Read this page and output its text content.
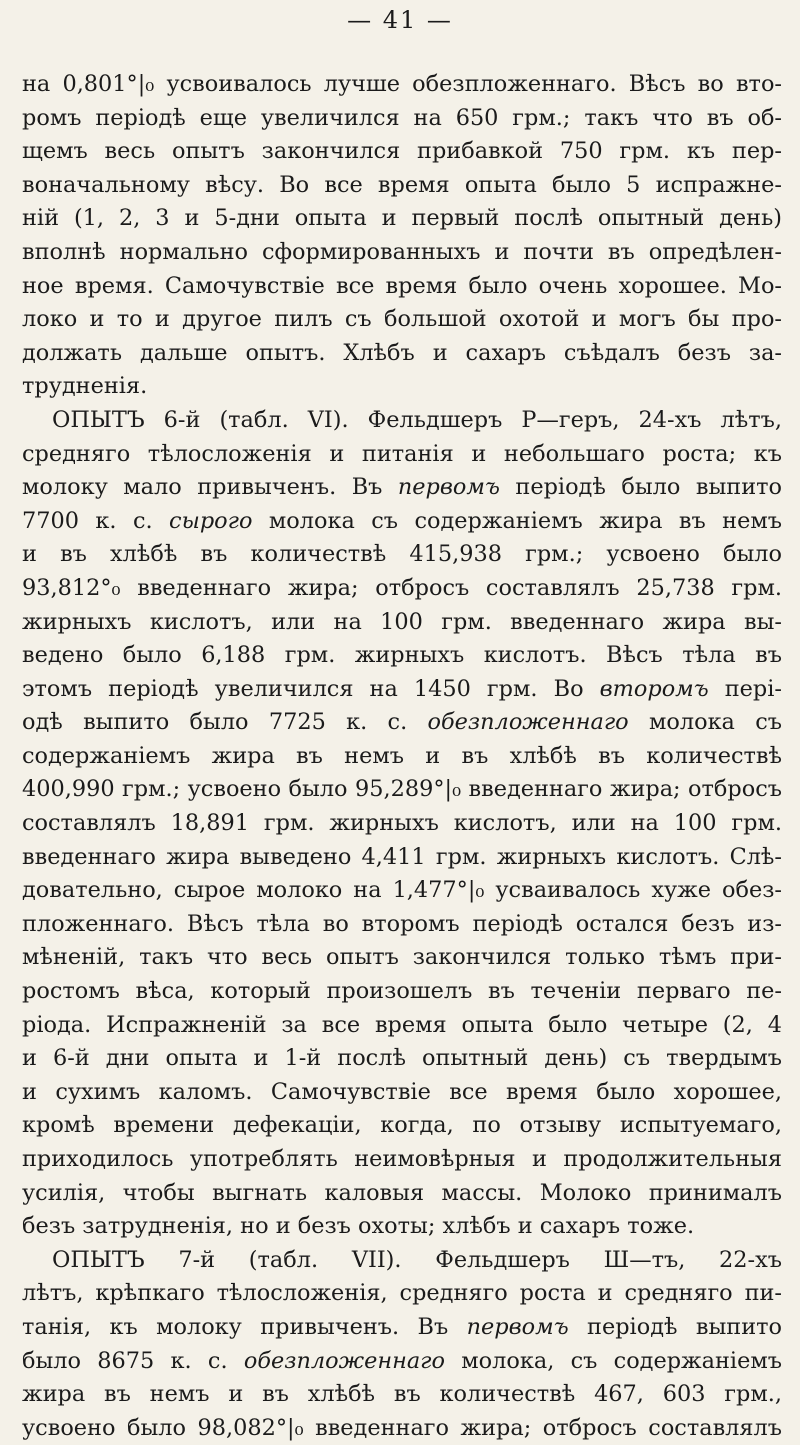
— 41 —
на 0,801°|₀ усвоивалось лучше обезпложеннаго. Вѣсъ во вто-
ромъ періодѣ еще увеличился на 650 грм.; такъ что въ об-
щемъ весь опытъ закончился прибавкой 750 грм. къ пер-
воначальному вѣсу. Во все время опыта было 5 испражне-
ній (1, 2, 3 и 5-дни опыта и первый послѣ опытный день)
вполнѣ нормально сформированныхъ и почти въ опредѣлен-
ное время. Самочувствіе все время было очень хорошее. Мо-
локо и то и другое пилъ съ большой охотой и могъ бы про-
должать дальше опытъ. Хлѣбъ и сахаръ съѣдалъ безъ за-
трудненія.
ОПЫТЪ 6-й (табл. VI). Фельдшеръ Р—геръ, 24-хъ лѣтъ,
средняго тѣлосложенія и питанія и небольшаго роста; къ
молоку мало привыченъ. Въ первомъ періодѣ было выпито
7700 к. с. сырого молока съ содержаніемъ жира въ немъ
и въ хлѣбѣ въ количествѣ 415,938 грм.; усвоено было
93,812°₀ введеннаго жира; отбросъ составлялъ 25,738 грм.
жирныхъ кислотъ, или на 100 грм. введеннаго жира вы-
ведено было 6,188 грм. жирныхъ кислотъ. Вѣсъ тѣла въ
этомъ періодѣ увеличился на 1450 грм. Во второмъ пері-
одѣ выпито было 7725 к. с. обезпложеннаго молока съ
содержаніемъ жира въ немъ и въ хлѣбѣ въ количествѣ
400,990 грм.; усвоено было 95,289°|₀ введеннаго жира; отбросъ
составлялъ 18,891 грм. жирныхъ кислотъ, или на 100 грм.
введеннаго жира выведено 4,411 грм. жирныхъ кислотъ. Слѣ-
довательно, сырое молоко на 1,477°|₀ усваивалось хуже обез-
пложеннаго. Вѣсъ тѣла во второмъ періодѣ остался безъ из-
мѣненій, такъ что весь опытъ закончился только тѣмъ при-
ростомъ вѣса, который произошелъ въ теченіи перваго пе-
ріода. Испражненій за все время опыта было четыре (2, 4
и 6-й дни опыта и 1-й послѣ опытный день) съ твердымъ
и сухимъ каломъ. Самочувствіе все время было хорошее,
кромѣ времени дефекаціи, когда, по отзыву испытуемаго,
приходилось употреблять неимовѣрныя и продолжительныя
усилія, чтобы выгнать каловыя массы. Молоко принималъ
безъ затрудненія, но и безъ охоты; хлѣбъ и сахаръ тоже.
ОПЫТЪ 7-й (табл. VII). Фельдшеръ Ш—тъ, 22-хъ
лѣтъ, крѣпкаго тѣлосложенія, средняго роста и средняго пи-
танія, къ молоку привыченъ. Въ первомъ періодѣ выпито
было 8675 к. с. обезпложеннаго молока, съ содержаніемъ
жира въ немъ и въ хлѣбѣ въ количествѣ 467, 603 грм.,
усвоено было 98,082°|₀ введеннаго жира; отбросъ составлялъ
